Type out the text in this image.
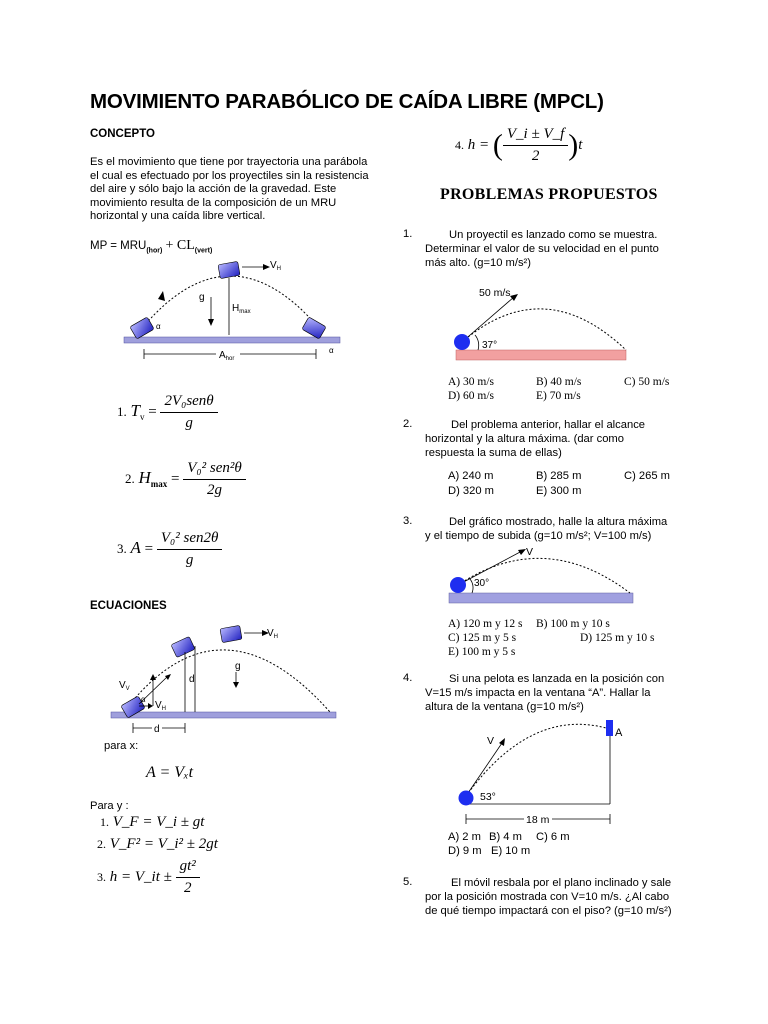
MOVIMIENTO PARABÓLICO DE CAÍDA LIBRE (MPCL)
CONCEPTO
Es el movimiento que tiene por trayectoria una parábola
el cual es efectuado por los proyectiles sin la resistencia
del aire y sólo bajo la acción de la gravedad. Este
movimiento resulta de la composición de un MRU
horizontal y una caída libre vertical.
MP = $MRU_{(hor)} + CL_{(vert)}$
$V_H$
g
$H_{max}$
α
α
$A_{hor}$
1. $T_v = \frac{\text{2V₀senθ}}{g}$
2. $H_{max} = \frac{\text{V₀² sen²θ}}{2g}$
3. $A = \frac{\text{V₀² sen2θ}}{g}$
ECUACIONES
$V_H$
g
d
$V_V$
α
$V_H$
d
para x:
A = Vₓt
Para y :
1. V_F = V_i ± gt
2. V_F² = V_i² ± 2gt
3. h = V_it ± $\frac{\text{gt²}}{2}$
4. h = ( $\frac{V\_i \pm V\_f}{2} )t$
PROBLEMAS PROPUESTOS
1.	Un proyectil es lanzado como se muestra.
Determinar el valor de su velocidad en el punto
más alto. (g=10 m/s²)
50 m/s
37°
A) 30 m/s	B) 40 m/s	C) 50 m/s
D) 60 m/s	E) 70 m/s
2.	Del problema anterior, hallar el alcance
horizontal y la altura máxima. (dar como
respuesta la suma de ellas)
A) 240 m	B) 285 m	C) 265 m
D) 320 m	E) 300 m
3.	Del gráfico mostrado, halle la altura máxima
y el tiempo de subida (g=10 m/s²; V=100 m/s)
V
30°
A) 120 m y 12 s B) 100 m y 10 s
C) 125 m y 5 s	D) 125 m y 10 s
E) 100 m y 5 s
4.	Si una pelota es lanzada en la posición con
V=15 m/s impacta en la ventana “A”. Hallar la
altura de la ventana (g=10 m/s²)
A
V
53°
18 m
A) 2 m B) 4 m C) 6 m
D) 9 m E) 10 m
5.	El móvil resbala por el plano inclinado y sale
por la posición mostrada con V=10 m/s. ¿Al cabo
de qué tiempo impactará con el piso? (g=10 m/s²)
